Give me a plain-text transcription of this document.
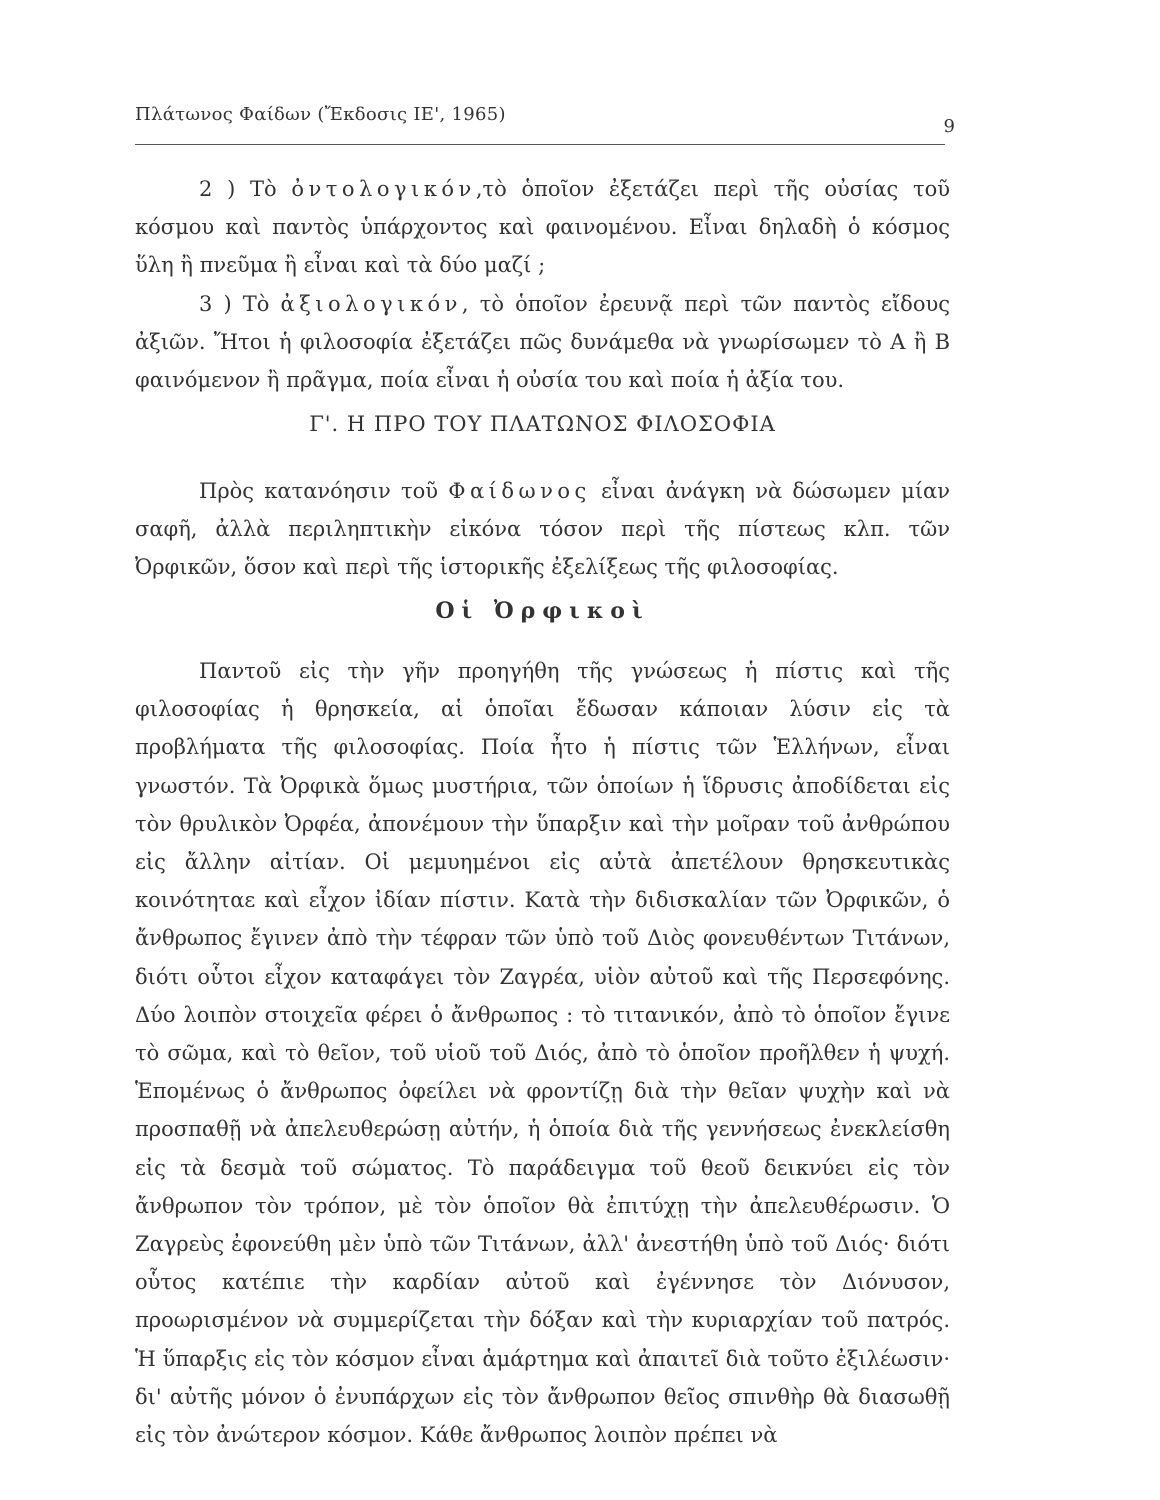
Πλάτωνος Φαίδων (Ἔκδοσις ΙΕ', 1965)
9

2 ) Τὸ ὀντολογικόν,τὸ ὁποῖον ἐξετάζει περὶ τῆς οὐσίας τοῦ κόσμου καὶ παντὸς ὑπάρχοντος καὶ φαινομένου. Εἶναι δηλαδὴ ὁ κόσμος ὕλη ἢ πνεῦμα ἢ εἶναι καὶ τὰ δύο μαζί ;

3 ) Τὸ ἀξιολογικόν, τὸ ὁποῖον ἐρευνᾷ περὶ τῶν παντὸς εἴδους ἀξιῶν. Ἤτοι ἡ φιλοσοφία ἐξετάζει πῶς δυνάμεθα νὰ γνωρίσωμεν τὸ Α ἢ Β φαινόμενον ἢ πρᾶγμα, ποία εἶναι ἡ οὐσία του καὶ ποία ἡ ἀξία του.

Γ'. Η ΠΡΟ ΤΟΥ ΠΛΑΤΩΝΟΣ ΦΙΛΟΣΟΦΙΑ

Πρὸς κατανόησιν τοῦ Φαίδωνος εἶναι ἀνάγκη νὰ δώσωμεν μίαν σαφῆ, ἀλλὰ περιληπτικὴν εἰκόνα τόσον περὶ τῆς πίστεως κλπ. τῶν Ὀρφικῶν, ὅσον καὶ περὶ τῆς ἱστορικῆς ἐξελίξεως τῆς φιλοσοφίας.

Οἱ Ὀρφικοὶ

Παντοῦ εἰς τὴν γῆν προηγήθη τῆς γνώσεως ἡ πίστις καὶ τῆς φιλοσοφίας ἡ θρησκεία, αἱ ὁποῖαι ἔδωσαν κάποιαν λύσιν εἰς τὰ προβλήματα τῆς φιλοσοφίας. Ποία ἦτο ἡ πίστις τῶν Ἑλλήνων, εἶναι γνωστόν. Τὰ Ὀρφικὰ ὅμως μυστήρια, τῶν ὁποίων ἡ ἵδρυσις ἀποδίδεται εἰς τὸν θρυλικὸν Ὀρφέα, ἀπονέμουν τὴν ὕπαρξιν καὶ τὴν μοῖραν τοῦ ἀνθρώπου εἰς ἄλλην αἰτίαν. Οἱ μεμυημένοι εἰς αὐτὰ ἀπετέλουν θρησκευτικὰς κοινότηταε καὶ εἶχον ἰδίαν πίστιν. Κατὰ τὴν διδισκαλίαν τῶν Ὀρφικῶν, ὁ ἄνθρωπος ἔγινεν ἀπὸ τὴν τέφραν τῶν ὑπὸ τοῦ Διὸς φονευθέντων Τιτάνων, διότι οὗτοι εἶχον καταφάγει τὸν Ζαγρέα, υἱὸν αὐτοῦ καὶ τῆς Περσεφόνης. Δύο λοιπὸν στοιχεῖα φέρει ὁ ἄνθρωπος : τὸ τιτανικόν, ἀπὸ τὸ ὁποῖον ἔγινε τὸ σῶμα, καὶ τὸ θεῖον, τοῦ υἱοῦ τοῦ Διός, ἀπὸ τὸ ὁποῖον προῆλθεν ἡ ψυχή. Ἑπομένως ὁ ἄνθρωπος ὀφείλει νὰ φροντίζῃ διὰ τὴν θεῖαν ψυχὴν καὶ νὰ προσπαθῇ νὰ ἀπελευθερώσῃ αὐτήν, ἡ ὁποία διὰ τῆς γεννήσεως ἐνεκλείσθη εἰς τὰ δεσμὰ τοῦ σώματος. Τὸ παράδειγμα τοῦ θεοῦ δεικνύει εἰς τὸν ἄνθρωπον τὸν τρόπον, μὲ τὸν ὁποῖον θὰ ἐπιτύχῃ τὴν ἀπελευθέρωσιν. Ὁ Ζαγρεὺς ἐφονεύθη μὲν ὑπὸ τῶν Τιτάνων, ἀλλ' ἀνεστήθη ὑπὸ τοῦ Διός· διότι οὗτος κατέπιε τὴν καρδίαν αὐτοῦ καὶ ἐγέννησε τὸν Διόνυσον, προωρισμένον νὰ συμμερίζεται τὴν δόξαν καὶ τὴν κυριαρχίαν τοῦ πατρός. Ἡ ὕπαρξις εἰς τὸν κόσμον εἶναι ἁμάρτημα καὶ ἀπαιτεῖ διὰ τοῦτο ἐξιλέωσιν· δι' αὐτῆς μόνον ὁ ἐνυπάρχων εἰς τὸν ἄνθρωπον θεῖος σπινθὴρ θὰ διασωθῇ εἰς τὸν ἀνώτερον κόσμον. Κάθε ἄνθρωπος λοιπὸν πρέπει νὰ
